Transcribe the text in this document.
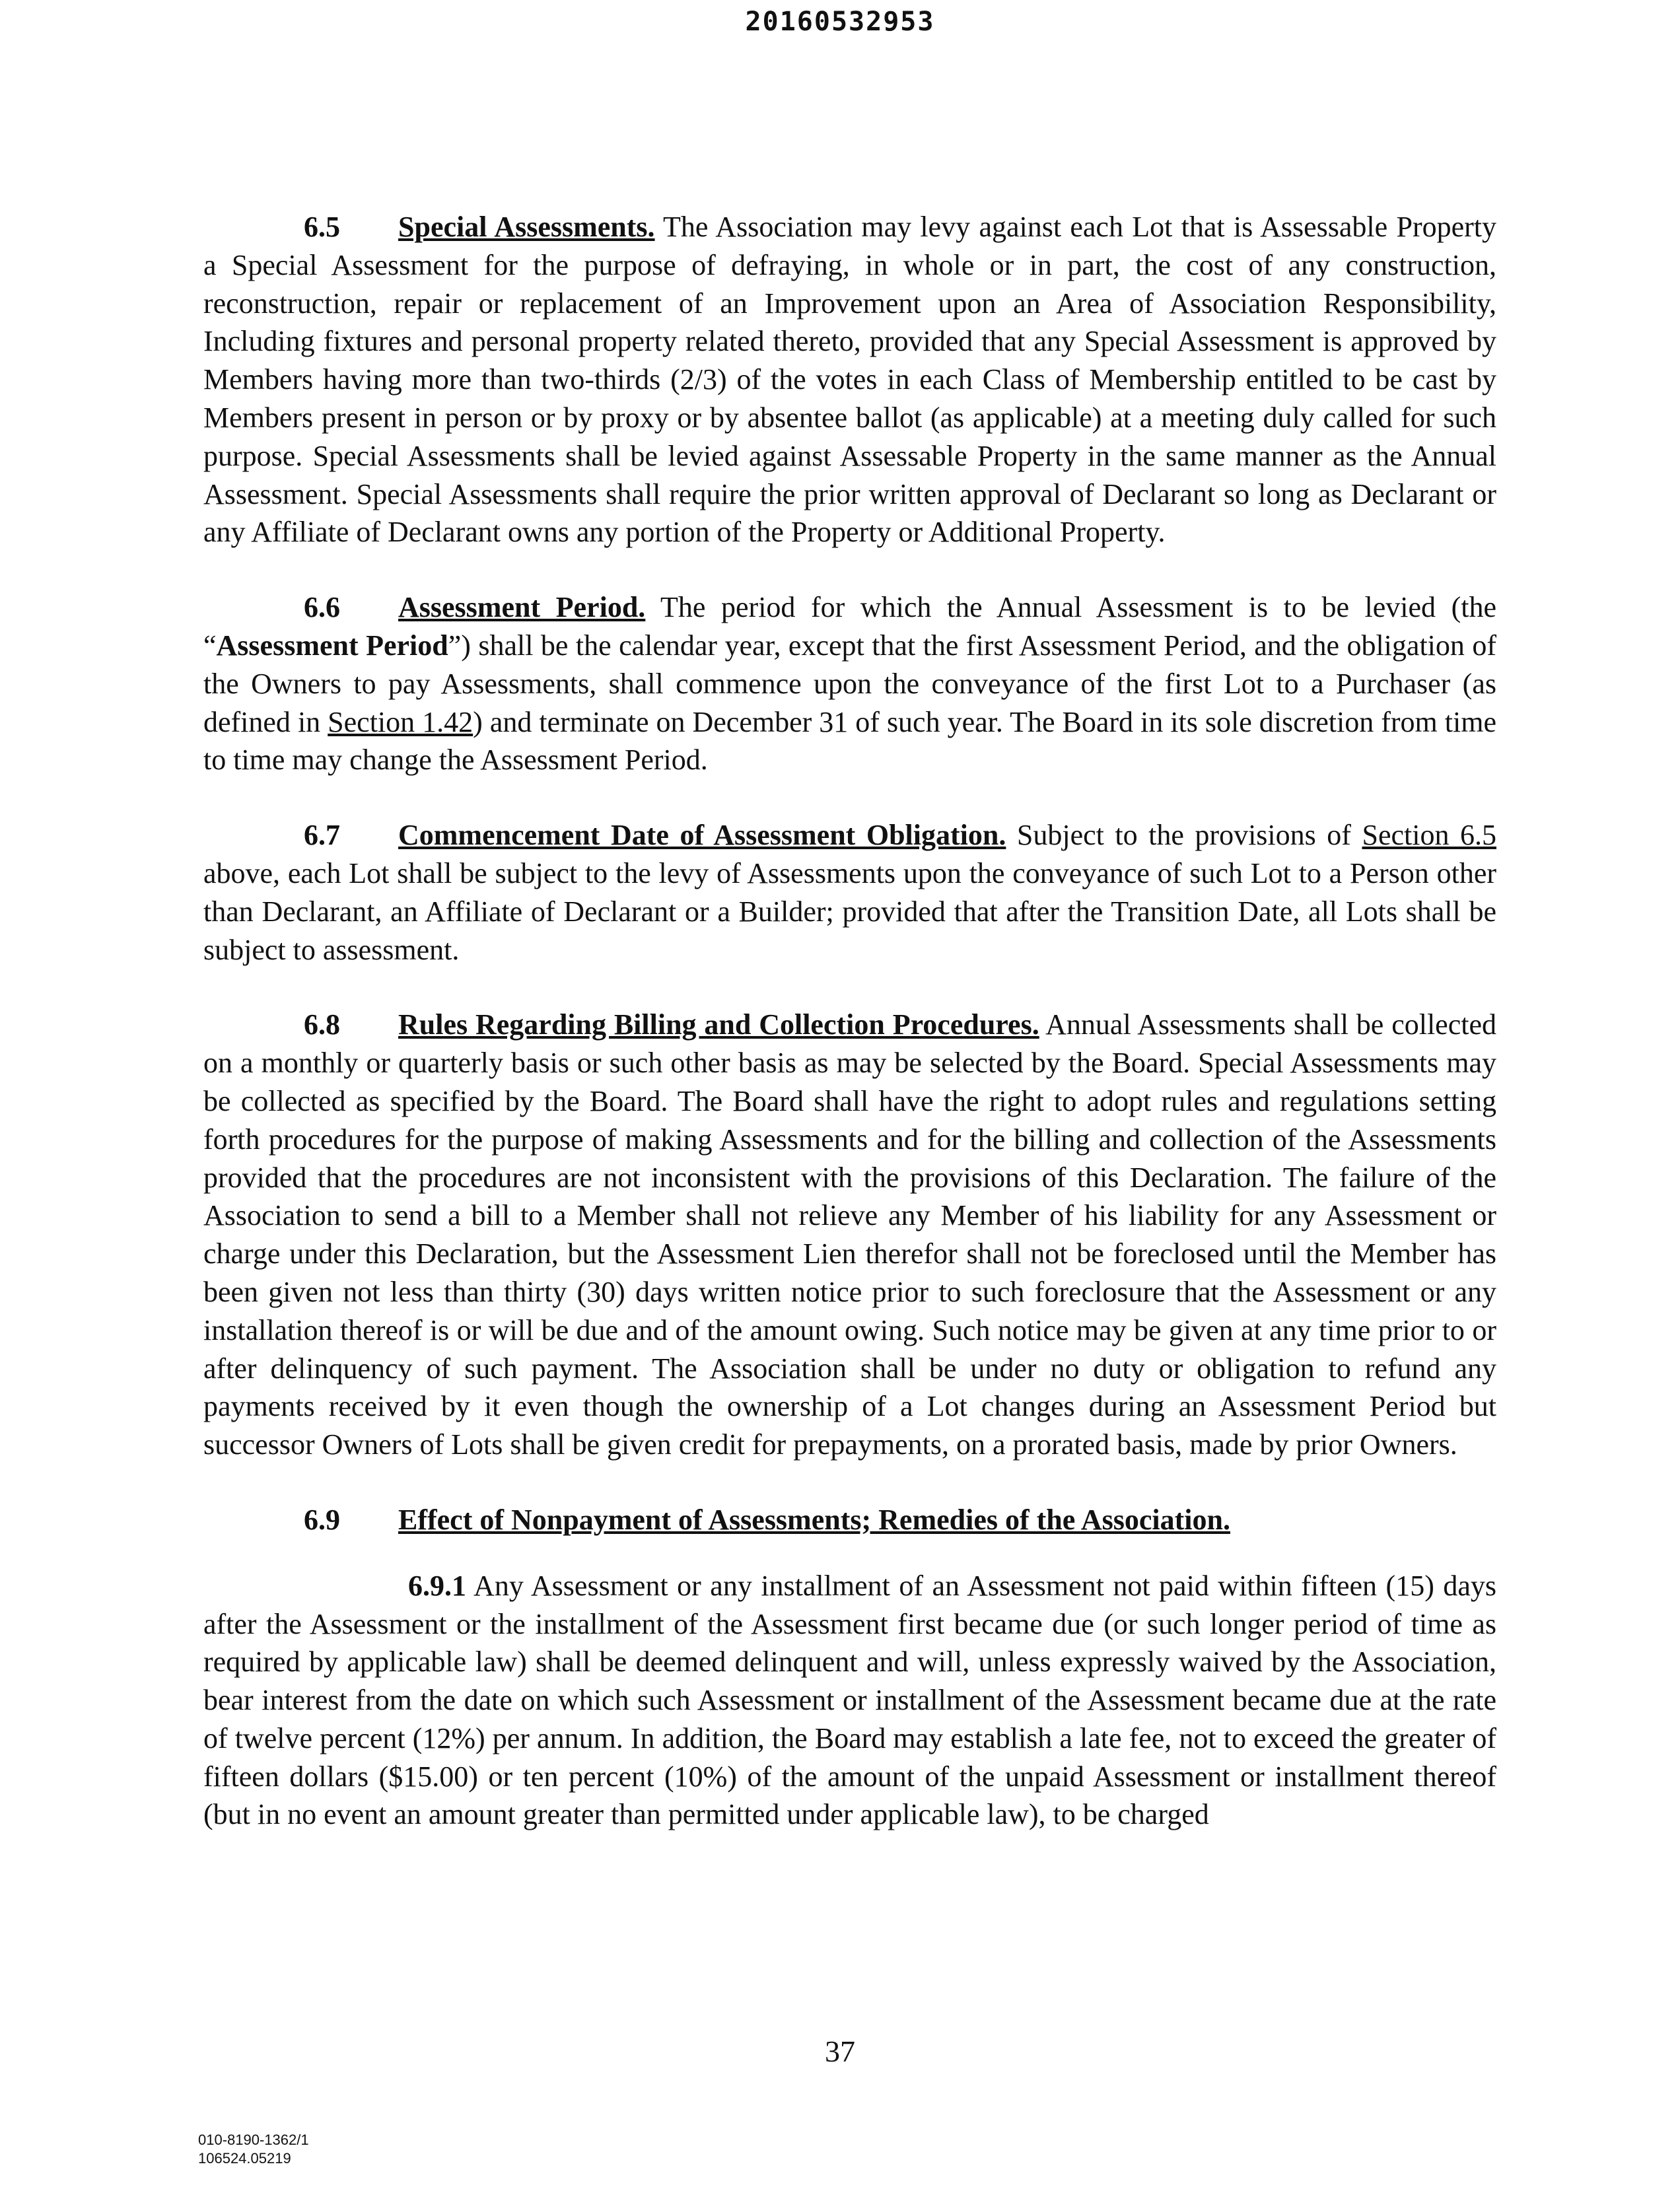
20160532953

6.5 Special Assessments. The Association may levy against each Lot that is Assessable Property a Special Assessment for the purpose of defraying, in whole or in part, the cost of any construction, reconstruction, repair or replacement of an Improvement upon an Area of Association Responsibility, Including fixtures and personal property related thereto, provided that any Special Assessment is approved by Members having more than two-thirds (2/3) of the votes in each Class of Membership entitled to be cast by Members present in person or by proxy or by absentee ballot (as applicable) at a meeting duly called for such purpose. Special Assessments shall be levied against Assessable Property in the same manner as the Annual Assessment. Special Assessments shall require the prior written approval of Declarant so long as Declarant or any Affiliate of Declarant owns any portion of the Property or Additional Property.

6.6 Assessment Period. The period for which the Annual Assessment is to be levied (the “Assessment Period”) shall be the calendar year, except that the first Assessment Period, and the obligation of the Owners to pay Assessments, shall commence upon the conveyance of the first Lot to a Purchaser (as defined in Section 1.42) and terminate on December 31 of such year. The Board in its sole discretion from time to time may change the Assessment Period.

6.7 Commencement Date of Assessment Obligation. Subject to the provisions of Section 6.5 above, each Lot shall be subject to the levy of Assessments upon the conveyance of such Lot to a Person other than Declarant, an Affiliate of Declarant or a Builder; provided that after the Transition Date, all Lots shall be subject to assessment.

6.8 Rules Regarding Billing and Collection Procedures. Annual Assessments shall be collected on a monthly or quarterly basis or such other basis as may be selected by the Board. Special Assessments may be collected as specified by the Board. The Board shall have the right to adopt rules and regulations setting forth procedures for the purpose of making Assessments and for the billing and collection of the Assessments provided that the procedures are not inconsistent with the provisions of this Declaration. The failure of the Association to send a bill to a Member shall not relieve any Member of his liability for any Assessment or charge under this Declaration, but the Assessment Lien therefor shall not be foreclosed until the Member has been given not less than thirty (30) days written notice prior to such foreclosure that the Assessment or any installation thereof is or will be due and of the amount owing. Such notice may be given at any time prior to or after delinquency of such payment. The Association shall be under no duty or obligation to refund any payments received by it even though the ownership of a Lot changes during an Assessment Period but successor Owners of Lots shall be given credit for prepayments, on a prorated basis, made by prior Owners.

6.9 Effect of Nonpayment of Assessments; Remedies of the Association.

6.9.1 Any Assessment or any installment of an Assessment not paid within fifteen (15) days after the Assessment or the installment of the Assessment first became due (or such longer period of time as required by applicable law) shall be deemed delinquent and will, unless expressly waived by the Association, bear interest from the date on which such Assessment or installment of the Assessment became due at the rate of twelve percent (12%) per annum. In addition, the Board may establish a late fee, not to exceed the greater of fifteen dollars ($15.00) or ten percent (10%) of the amount of the unpaid Assessment or installment thereof (but in no event an amount greater than permitted under applicable law), to be charged

37
010-8190-1362/1
106524.05219
